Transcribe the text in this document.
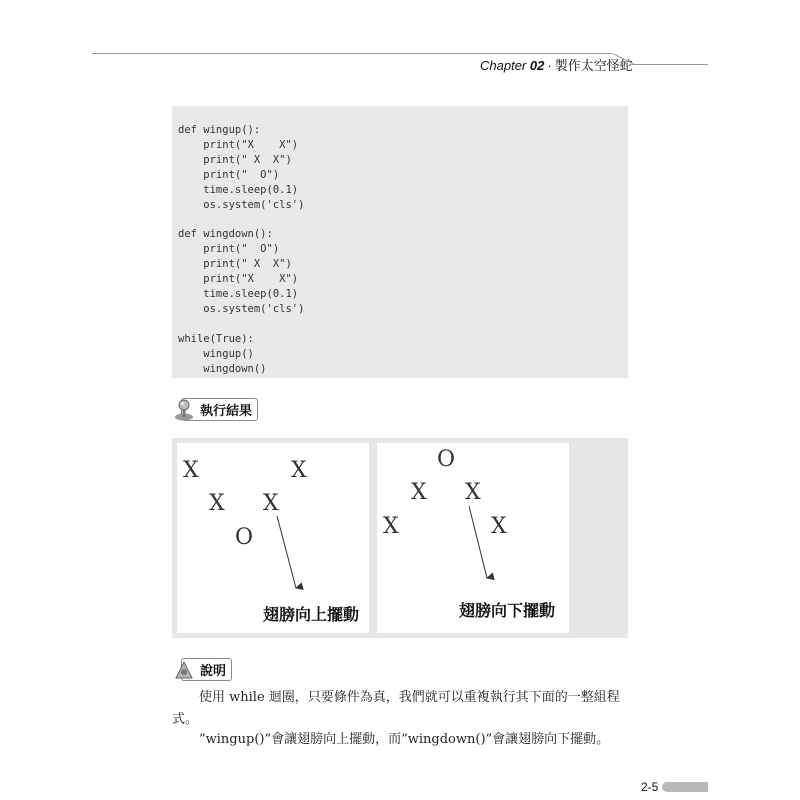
Chapter 02 · 製作太空怪蛇
def wingup():
print("X    X")
print(" X  X")
print("  O")
time.sleep(0.1)
os.system('cls')

def wingdown():
print("  O")
print(" X  X")
print("X    X")
time.sleep(0.1)
os.system('cls')

while(True):
wingup()
wingdown()
執行結果
X	X
X X
O
翅膀向上擺動
O
X X
X	X
翅膀向下擺動
說明
使用 while 迴圈，只要條件為真，我們就可以重複執行其下面的一整組程
式。
”wingup()”會讓翅膀向上擺動，而”wingdown()”會讓翅膀向下擺動。
2-5
